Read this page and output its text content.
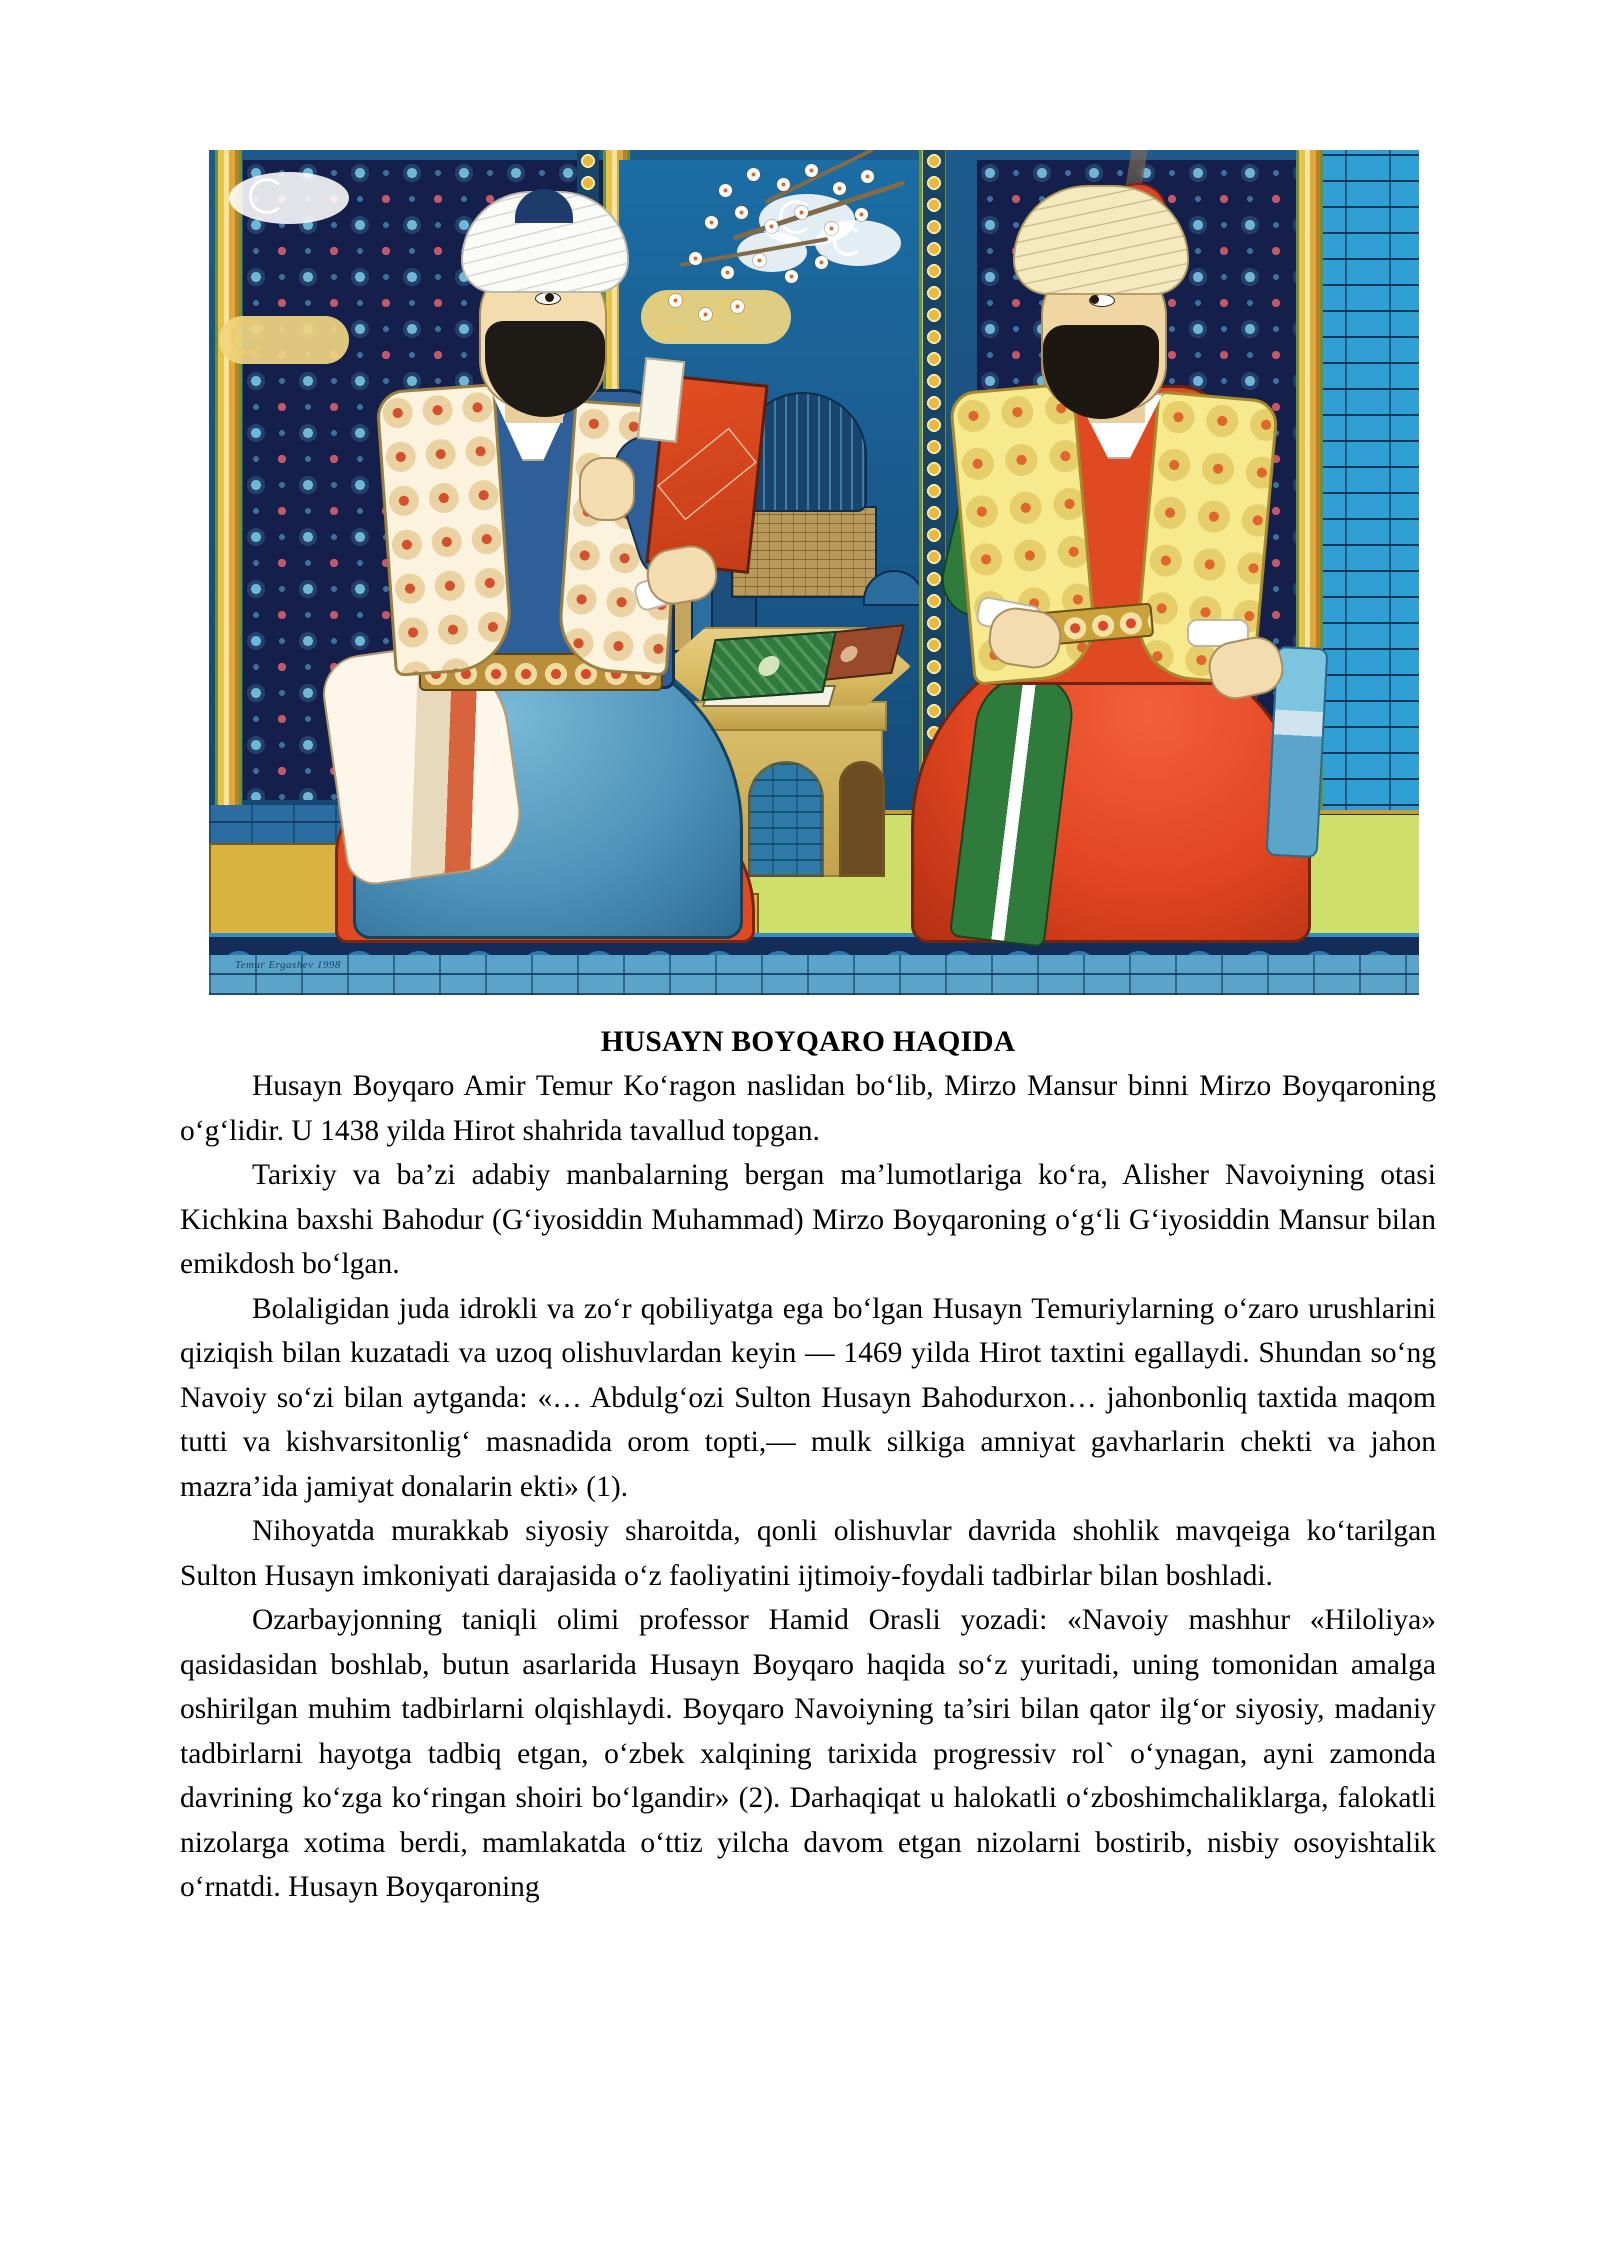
Temur Ergashev 1998
HUSAYN BOYQARO HAQIDA

Husayn Boyqaro Amir Temur Ko‘ragon naslidan bo‘lib, Mirzo Mansur binni Mirzo Boyqaroning o‘g‘lidir. U 1438 yilda Hirot shahrida tavallud topgan.

Tarixiy va ba’zi adabiy manbalarning bergan ma’lumotlariga ko‘ra, Alisher Navoiyning otasi Kichkina baxshi Bahodur (G‘iyosiddin Muhammad) Mirzo Boyqaroning o‘g‘li G‘iyosiddin Mansur bilan emikdosh bo‘lgan.

Bolaligidan juda idrokli va zo‘r qobiliyatga ega bo‘lgan Husayn Temuriylarning o‘zaro urushlarini qiziqish bilan kuzatadi va uzoq olishuvlardan keyin — 1469 yilda Hirot taxtini egallaydi. Shundan so‘ng Navoiy so‘zi bilan aytganda: «… Abdulg‘ozi Sulton Husayn Bahodurxon… jahonbonliq taxtida maqom tutti va kishvarsitonlig‘ masnadida orom topti,— mulk silkiga amniyat gavharlarin chekti va jahon mazra’ida jamiyat donalarin ekti» (1).

Nihoyatda murakkab siyosiy sharoitda, qonli olishuvlar davrida shohlik mavqeiga ko‘tarilgan Sulton Husayn imkoniyati darajasida o‘z faoliyatini ijtimoiy-foydali tadbirlar bilan boshladi.

Ozarbayjonning taniqli olimi professor Hamid Orasli yozadi: «Navoiy mashhur «Hiloliya» qasidasidan boshlab, butun asarlarida Husayn Boyqaro haqida so‘z yuritadi, uning tomonidan amalga oshirilgan muhim tadbirlarni olqishlaydi. Boyqaro Navoiyning ta’siri bilan qator ilg‘or siyosiy, madaniy tadbirlarni hayotga tadbiq etgan, o‘zbek xalqining tarixida progressiv rol` o‘ynagan, ayni zamonda davrining ko‘zga ko‘ringan shoiri bo‘lgandir» (2). Darhaqiqat u halokatli o‘zboshimchaliklarga, falokatli nizolarga xotima berdi, mamlakatda o‘ttiz yilcha davom etgan nizolarni bostirib, nisbiy osoyishtalik o‘rnatdi. Husayn Boyqaroning
